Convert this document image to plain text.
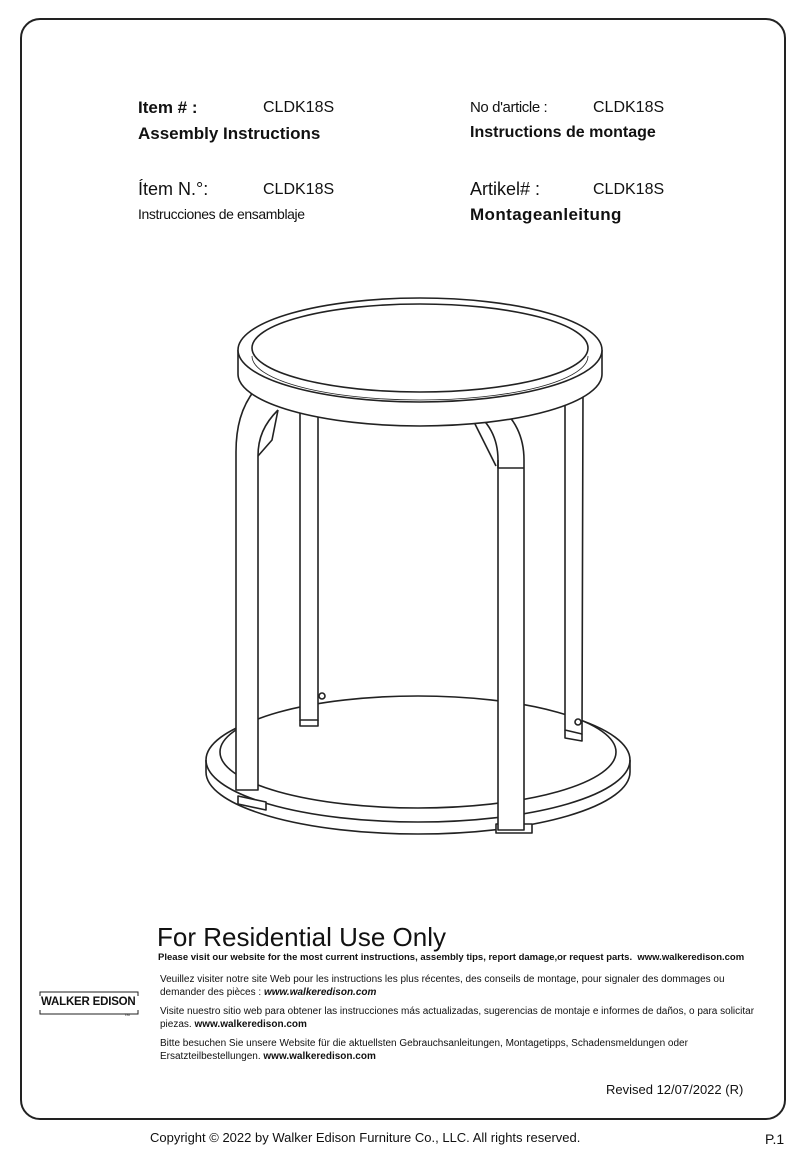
Item # :	CLDK18S
Assembly Instructions
No d'article :	CLDK18S
Instructions de montage
Ítem N.°:	CLDK18S
Instrucciones de ensamblaje
Artikel# :	CLDK18S
Montageanleitung
For Residential Use Only
Please visit our website for the most current instructions, assembly tips, report damage,or request parts. www.walkeredison.com
Veuillez visiter notre site Web pour les instructions les plus récentes, des conseils de montage, pour signaler des dommages ou demander des pièces : www.walkeredison.com
Visite nuestro sitio web para obtener las instrucciones más actualizadas, sugerencias de montaje e informes de daños, o para solicitar piezas. www.walkeredison.com
Bitte besuchen Sie unsere Website für die aktuellsten Gebrauchsanleitungen, Montagetipps, Schadensmeldungen oder Ersatzteilbestellungen. www.walkeredison.com
WALKER EDISON
TM
Revised 12/07/2022 (R)
Copyright © 2022 by Walker Edison Furniture Co., LLC. All rights reserved.	P.1
